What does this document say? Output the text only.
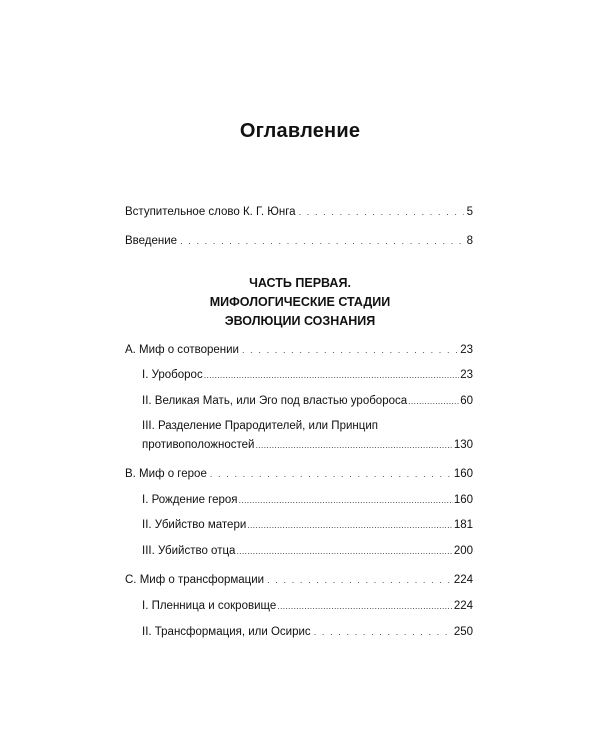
Оглавление
Вступительное слово К. Г. Юнга . . .	5
Введение . . .	8
ЧАСТЬ ПЕРВАЯ.
МИФОЛОГИЧЕСКИЕ СТАДИИ
ЭВОЛЮЦИИ СОЗНАНИЯ
A. Миф о сотворении . . .	23
I. Уроборос .....	23
II. Великая Мать, или Эго под властью уробороса .....	60
III. Разделение Прародителей, или Принцип
противоположностей .....	130
B. Миф о герое . . .	160
I. Рождение героя .....	160
II. Убийство матери .....	181
III. Убийство отца .....	200
C. Миф о трансформации . . .	224
I. Пленница и сокровище .....	224
II. Трансформация, или Осирис . . .	250
